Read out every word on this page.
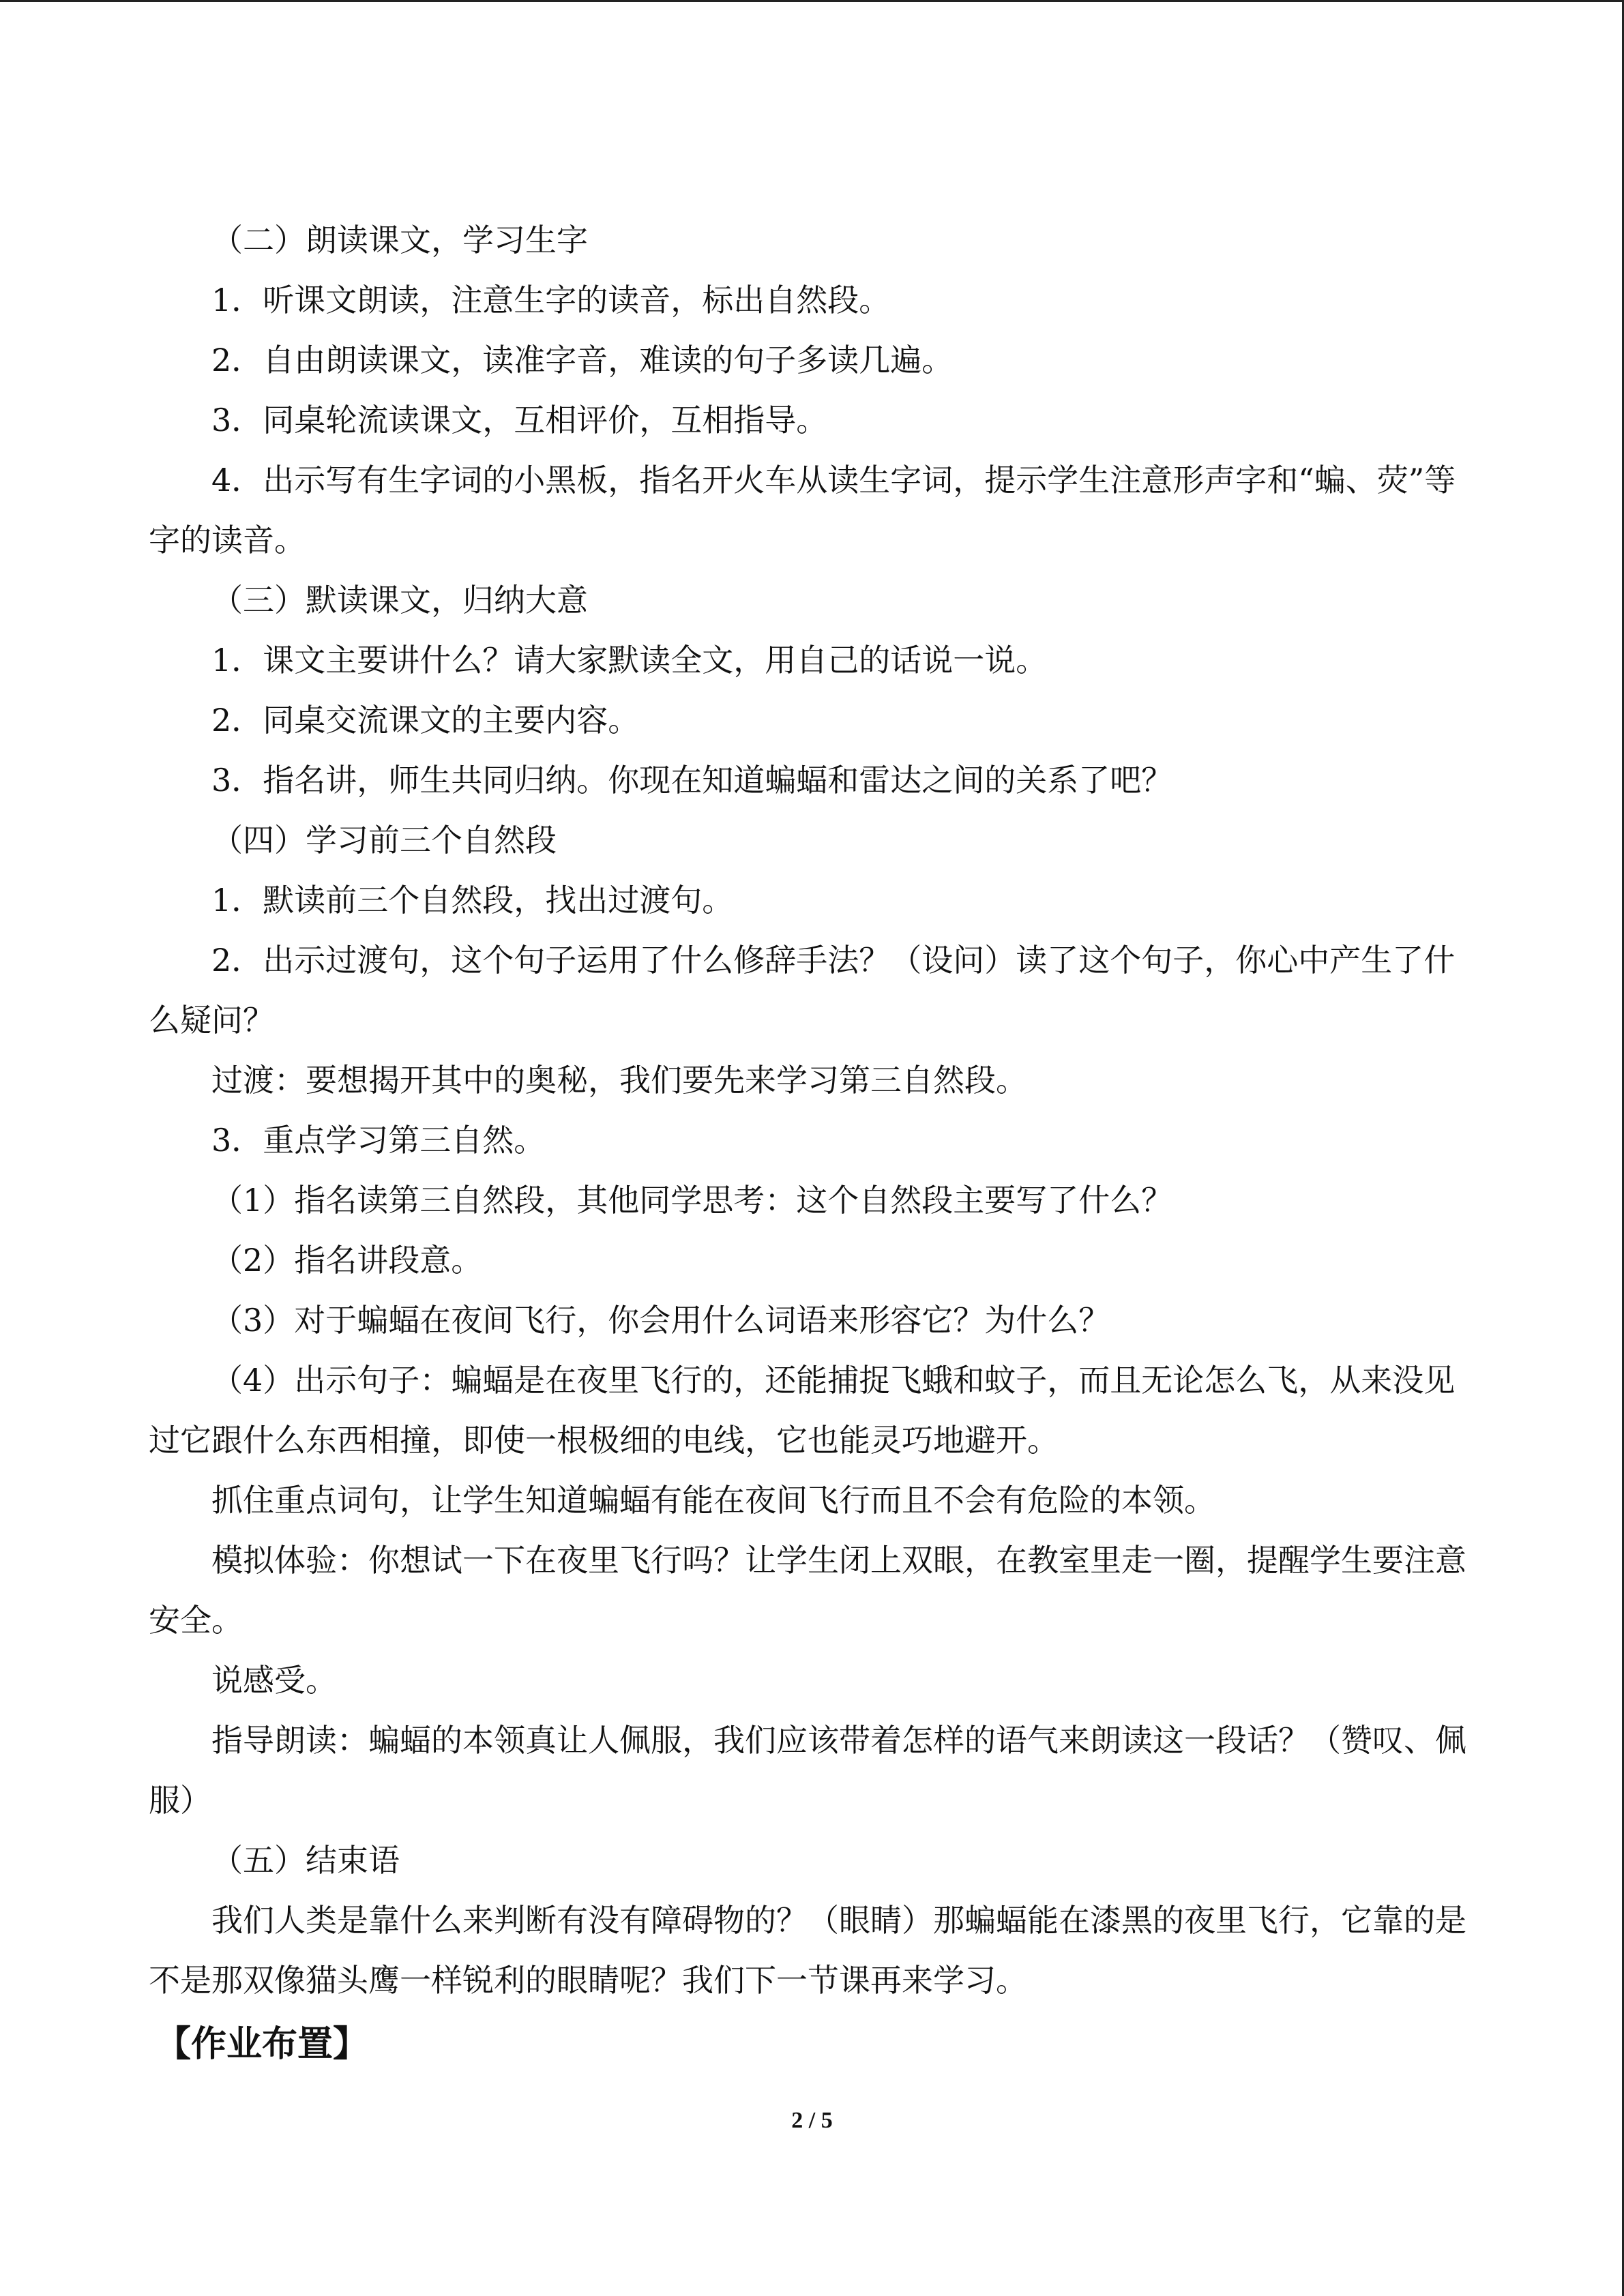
（二）朗读课文，学习生字

1．听课文朗读，注意生字的读音，标出自然段。

2．自由朗读课文，读准字音，难读的句子多读几遍。

3．同桌轮流读课文，互相评价，互相指导。

4．出示写有生字词的小黑板，指名开火车从读生字词，提示学生注意形声字和“蝙、荧”等字的读音。

（三）默读课文，归纳大意

1．课文主要讲什么？请大家默读全文，用自己的话说一说。

2．同桌交流课文的主要内容。

3．指名讲，师生共同归纳。你现在知道蝙蝠和雷达之间的关系了吧？

（四）学习前三个自然段

1．默读前三个自然段，找出过渡句。

2．出示过渡句，这个句子运用了什么修辞手法？（设问）读了这个句子，你心中产生了什么疑问？

过渡：要想揭开其中的奥秘，我们要先来学习第三自然段。

3．重点学习第三自然。

（1）指名读第三自然段，其他同学思考：这个自然段主要写了什么？

（2）指名讲段意。

（3）对于蝙蝠在夜间飞行，你会用什么词语来形容它？为什么？

（4）出示句子：蝙蝠是在夜里飞行的，还能捕捉飞蛾和蚊子，而且无论怎么飞，从来没见过它跟什么东西相撞，即使一根极细的电线，它也能灵巧地避开。

抓住重点词句，让学生知道蝙蝠有能在夜间飞行而且不会有危险的本领。

模拟体验：你想试一下在夜里飞行吗？让学生闭上双眼，在教室里走一圈，提醒学生要注意安全。

说感受。

指导朗读：蝙蝠的本领真让人佩服，我们应该带着怎样的语气来朗读这一段话？（赞叹、佩服）

（五）结束语

我们人类是靠什么来判断有没有障碍物的？（眼睛）那蝙蝠能在漆黑的夜里飞行，它靠的是不是那双像猫头鹰一样锐利的眼睛呢？我们下一节课再来学习。

【作业布置】
2 / 5
